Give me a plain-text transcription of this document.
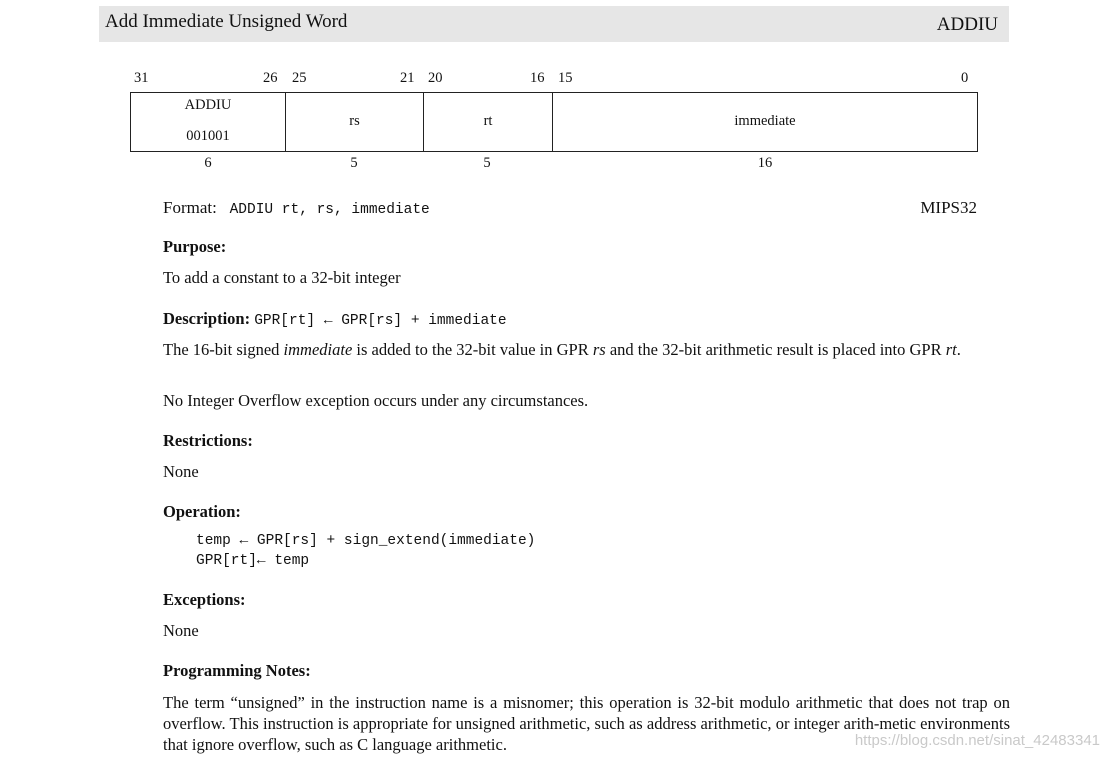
Add Immediate Unsigned Word	ADDIU
31	26 25	21 20	16 15	0
ADDIU
001001
rs	rt	immediate
6	5	5	16
Format: ADDIU rt, rs, immediate	MIPS32
Purpose:
To add a constant to a 32-bit integer
Description: GPR[rt] ← GPR[rs] + immediate
The 16-bit signed immediate is added to the 32-bit value in GPR rs and the 32-bit arithmetic result is placed into GPR rt.
No Integer Overflow exception occurs under any circumstances.
Restrictions:
None
Operation:
temp ← GPR[rs] + sign_extend(immediate)
GPR[rt]← temp
Exceptions:
None
Programming Notes:
The term “unsigned” in the instruction name is a misnomer; this operation is 32-bit modulo arithmetic that does not trap on overflow. This instruction is appropriate for unsigned arithmetic, such as address arithmetic, or integer arith-metic environments that ignore overflow, such as C language arithmetic.	https://blog.csdn.net/sinat_42483341
